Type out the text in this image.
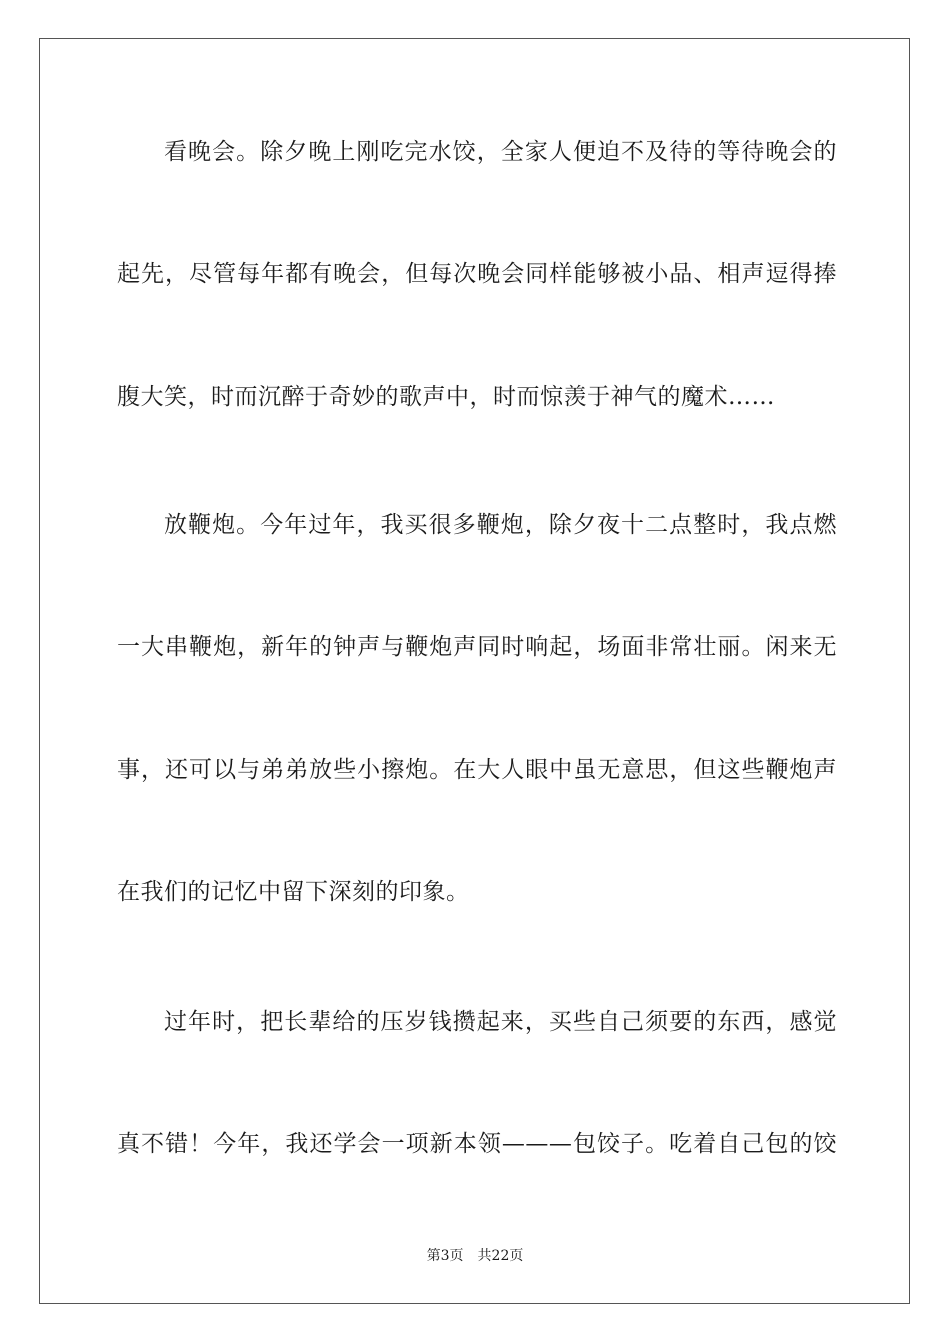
看晚会。除夕晚上刚吃完水饺，全家人便迫不及待的等待晚会的
起先，尽管每年都有晚会，但每次晚会同样能够被小品、相声逗得捧
腹大笑，时而沉醉于奇妙的歌声中，时而惊羡于神气的魔术……
放鞭炮。今年过年，我买很多鞭炮，除夕夜十二点整时，我点燃
一大串鞭炮，新年的钟声与鞭炮声同时响起，场面非常壮丽。闲来无
事，还可以与弟弟放些小擦炮。在大人眼中虽无意思，但这些鞭炮声
在我们的记忆中留下深刻的印象。
过年时，把长辈给的压岁钱攒起来，买些自己须要的东西，感觉
真不错！今年，我还学会一项新本领———包饺子。吃着自己包的饺
第3页 共22页
